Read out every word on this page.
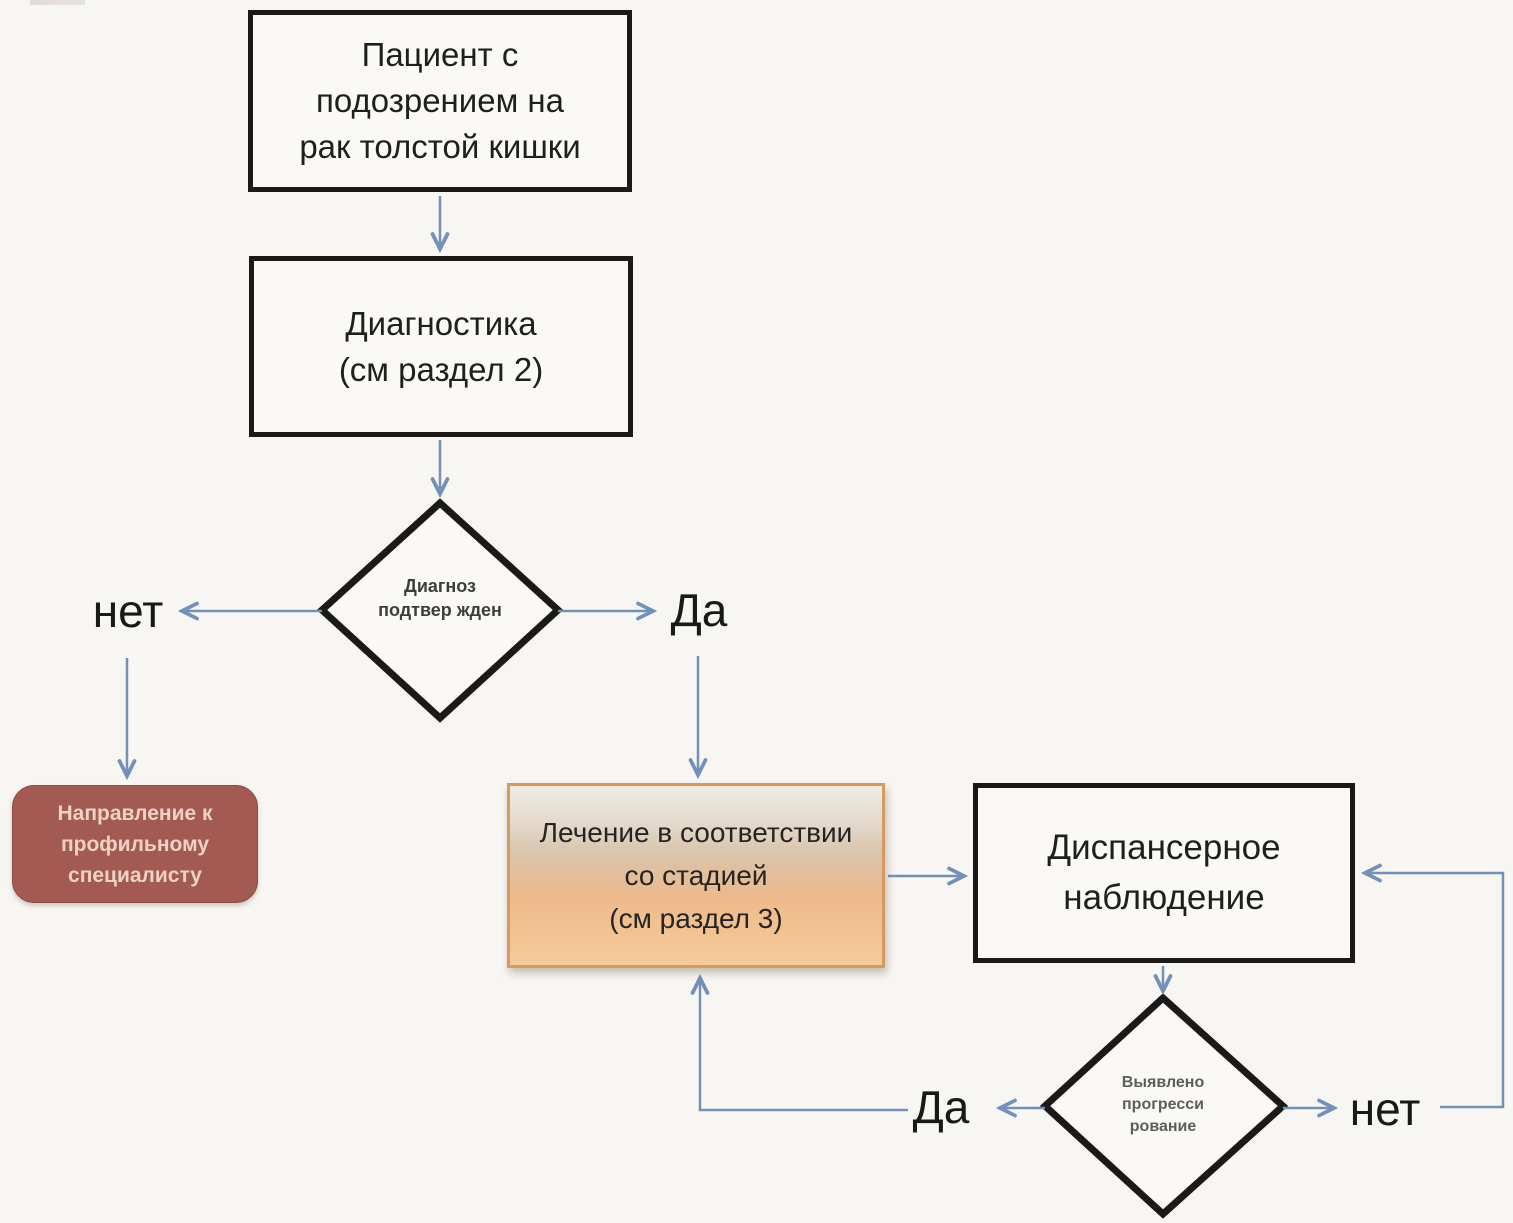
Пациент с
подозрением на
рак толстой кишки
Диагностика
(см раздел 2)
Диагноз подтвер жден
Направление к
профильному
специалисту
Лечение в соответствии
со стадией
(см раздел 3)
Диспансерное
наблюдение
Выявлено прогресси рование
нет	Да
Да	нет
